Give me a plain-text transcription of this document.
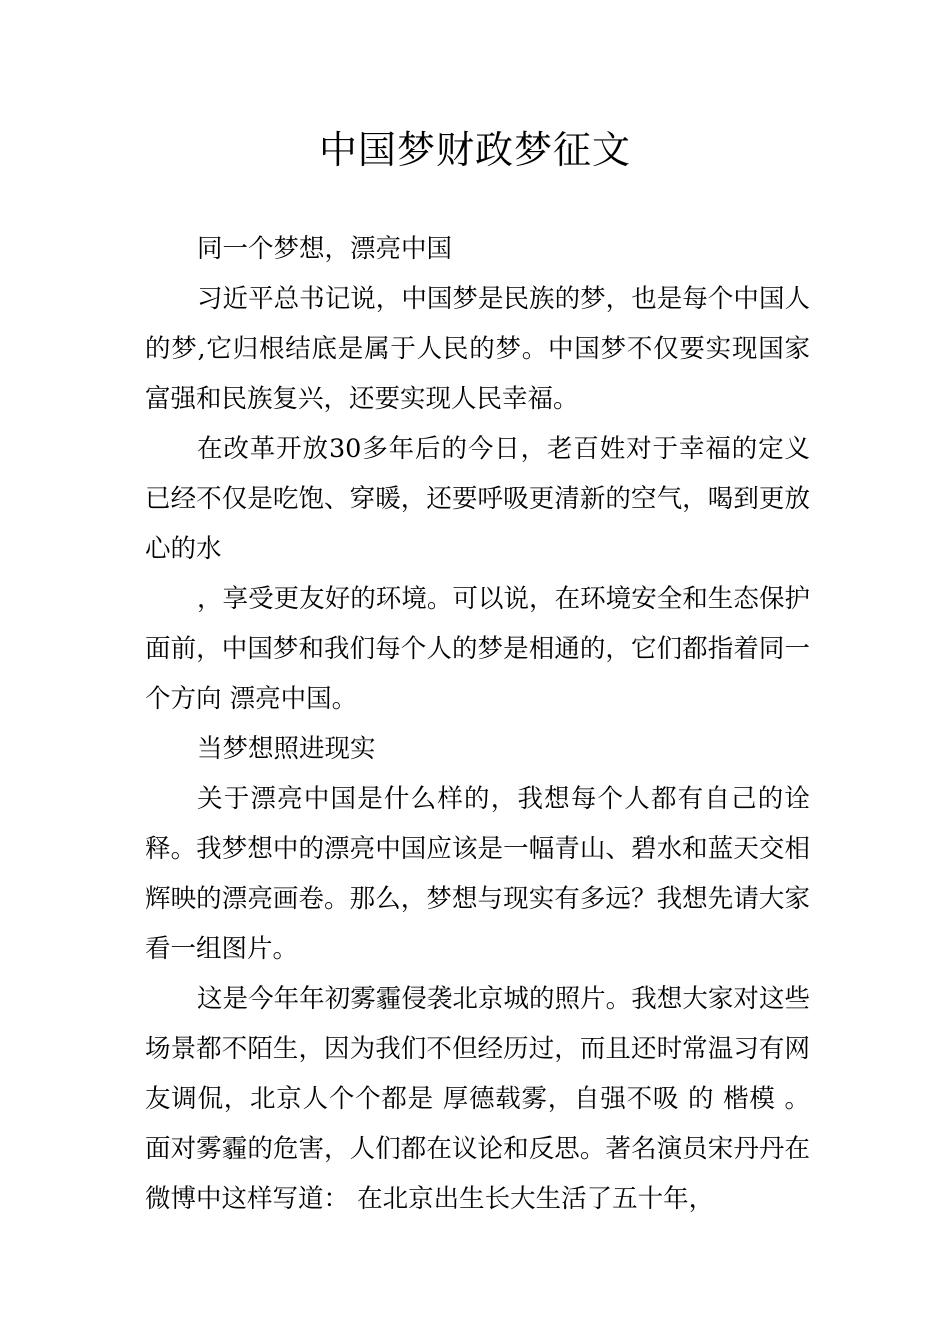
中国梦财政梦征文

同一个梦想，漂亮中国

习近平总书记说，中国梦是民族的梦，也是每个中国人的梦,它归根结底是属于人民的梦。中国梦不仅要实现国家富强和民族复兴，还要实现人民幸福。

在改革开放30多年后的今日，老百姓对于幸福的定义已经不仅是吃饱、穿暖，还要呼吸更清新的空气，喝到更放心的水

，享受更友好的环境。可以说，在环境安全和生态保护面前，中国梦和我们每个人的梦是相通的，它们都指着同一个方向 漂亮中国。

当梦想照进现实

关于漂亮中国是什么样的，我想每个人都有自己的诠释。我梦想中的漂亮中国应该是一幅青山、碧水和蓝天交相辉映的漂亮画卷。那么，梦想与现实有多远？我想先请大家看一组图片。

这是今年年初雾霾侵袭北京城的照片。我想大家对这些场景都不陌生，因为我们不但经历过，而且还时常温习有网友调侃，北京人个个都是 厚德载雾，自强不吸 的 楷模 。面对雾霾的危害，人们都在议论和反思。著名演员宋丹丹在微博中这样写道： 在北京出生长大生活了五十年，
